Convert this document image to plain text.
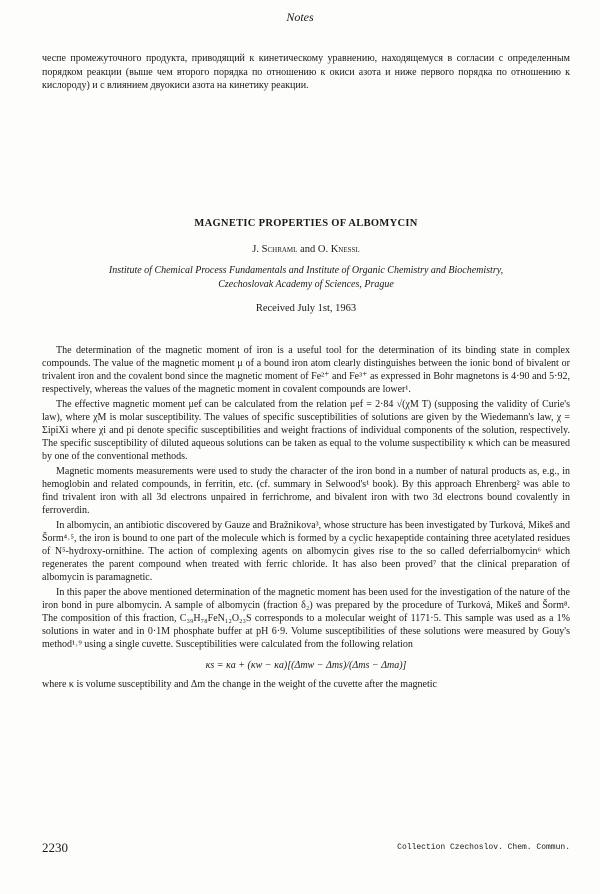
Notes
чеспе промежуточного продукта, приводящий к кинетическому уравнению, находящемуся в согласии с определенным порядком реакции (выше чем второго порядка по отношению к окиси азота и ниже первого порядка по отношению к кислороду) и с влиянием двуокиси азота на кинетику реакции.
MAGNETIC PROPERTIES OF ALBOMYCIN
J. Schraml and O. Knessl
Institute of Chemical Process Fundamentals and Institute of Organic Chemistry and Biochemistry,
Czechoslovak Academy of Sciences, Prague
Received July 1st, 1963

The determination of the magnetic moment of iron is a useful tool for the determination of its binding state in complex compounds. The value of the magnetic moment μ of a bound iron atom clearly distinguishes between the ionic bond of bivalent or trivalent iron and the covalent bond since the magnetic moment of Fe²⁺ and Fe³⁺ as expressed in Bohr magnetons is 4·90 and 5·92, respectively, whereas the values of the magnetic moment in covalent compounds are lower¹.

The effective magnetic moment μef can be calculated from the relation μef = 2·84 √(χM T) (supposing the validity of Curie's law), where χM is molar susceptibility. The values of specific susceptibilities of solutions are given by the Wiedemann's law, χ = ΣipiΧi where χi and pi denote specific susceptibilities and weight fractions of individual components of the solution, respectively. The specific susceptibility of diluted aqueous solutions can be taken as equal to the volume suspectibility κ which can be measured by one of the conventional methods.

Magnetic moments measurements were used to study the character of the iron bond in a number of natural products as, e.g., in hemoglobin and related compounds, in ferritin, etc. (cf. summary in Selwood's¹ book). By this approach Ehrenberg² was able to find trivalent iron with all 3d electrons unpaired in ferrichrome, and bivalent iron with two 3d electrons bound covalently in ferroverdin.

In albomycin, an antibiotic discovered by Gauze and Bražnikova³, whose structure has been investigated by Turková, Mikeš and Šorm⁴˒⁵, the iron is bound to one part of the molecule which is formed by a cyclic hexapeptide containing three acetylated residues of N⁵-hydroxy-ornithine. The action of complexing agents on albomycin gives rise to the so called deferrialbomycin⁶ which regenerates the parent compound when treated with ferric chloride. It has also been proved⁷ that the clinical preparation of albomycin is paramagnetic.

In this paper the above mentioned determination of the magnetic moment has been used for the investigation of the nature of the iron bond in pure albomycin. A sample of albomycin (fraction δ₂) was prepared by the procedure of Turková, Mikeš and Šorm⁸. The composition of this fraction, C₃₉H₇₈FeN₁₂O₂₃S corresponds to a molecular weight of 1171·5. This sample was used as a 1% solutions in water and in 0·1M phosphate buffer at pH 6·9. Volume susceptibilities of these solutions were measured by Gouy's method¹˒⁹ using a single cuvette. Susceptibilities were calculated from the following relation

κs = κa + (κw − κa)[(Δmw − Δms)/(Δms − Δma)]

where κ is volume susceptibility and Δm the change in the weight of the cuvette after the magnetic

2230	Collection Czechoslov. Chem. Commun.
